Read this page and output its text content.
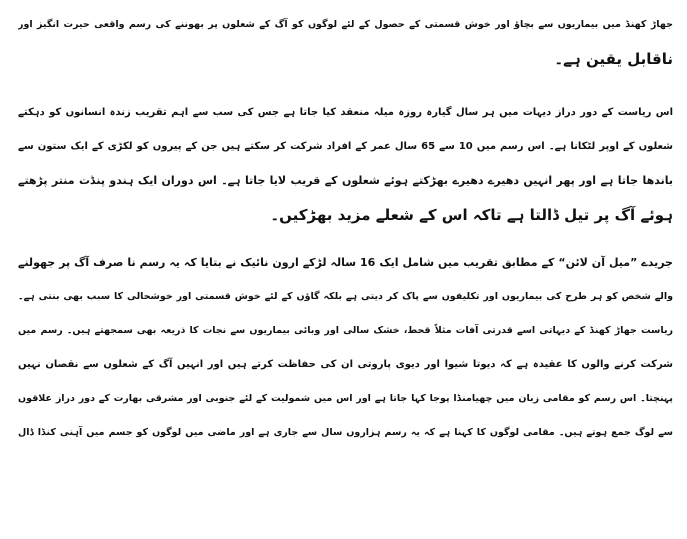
جھاڑ کھنڈ میں بیماریوں سے بچاؤ اور خوش قسمتی کے حصول کے لئے لوگوں کو آگ کے شعلوں پر بھوننے کی رسم واقعی حیرت انگیز اور
ناقابل یقین ہے۔
اس ریاست کے دور دراز دیہات میں ہر سال گیارہ روزہ میلہ منعقد کیا جاتا ہے جس کی سب سے اہم تقریب زندہ انسانوں کو دہکتے
شعلوں کے اوپر لٹکانا ہے۔ اس رسم میں 10 سے 65 سال عمر کے افراد شرکت کر سکتے ہیں جن کے پیروں کو لکڑی کے ایک ستون سے
باندھا جاتا ہے اور پھر انہیں دھیرے دھیرے بھڑکتے ہوئے شعلوں کے قریب لایا جاتا ہے۔ اس دوران ایک ہندو پنڈت منتر پڑھتے
ہوئے آگ پر تیل ڈالتا ہے تاکہ اس کے شعلے مزید بھڑکیں۔
جریدے ”میل آن لائن“ کے مطابق تقریب میں شامل ایک 16 سالہ لڑکے ارون نائیک نے بتایا کہ یہ رسم نا صرف آگ پر جھولنے
والے شخص کو ہر طرح کی بیماریوں اور تکلیفوں سے پاک کر دیتی ہے بلکہ گاؤں کے لئے خوش قسمتی اور خوشحالی کا سبب بھی بنتی ہے۔
ریاست جھاڑ کھنڈ کے دیہاتی اسے قدرتی آفات مثلاً قحط، خشک سالی اور وبائی بیماریوں سے نجات کا ذریعہ بھی سمجھتے ہیں۔ رسم میں
شرکت کرنے والوں کا عقیدہ ہے کہ دیوتا شیوا اور دیوی پاروتی ان کی حفاظت کرتے ہیں اور انہیں آگ کے شعلوں سے نقصان نہیں
پہنچتا۔ اس رسم کو مقامی زبان میں چھیامنڈا پوجا کہا جاتا ہے اور اس میں شمولیت کے لئے جنوبی اور مشرقی بھارت کے دور دراز علاقوں
سے لوگ جمع ہوتے ہیں۔ مقامی لوگوں کا کہنا ہے کہ یہ رسم ہزاروں سال سے جاری ہے اور ماضی میں لوگوں کو جسم میں آہنی کنڈا ڈال
